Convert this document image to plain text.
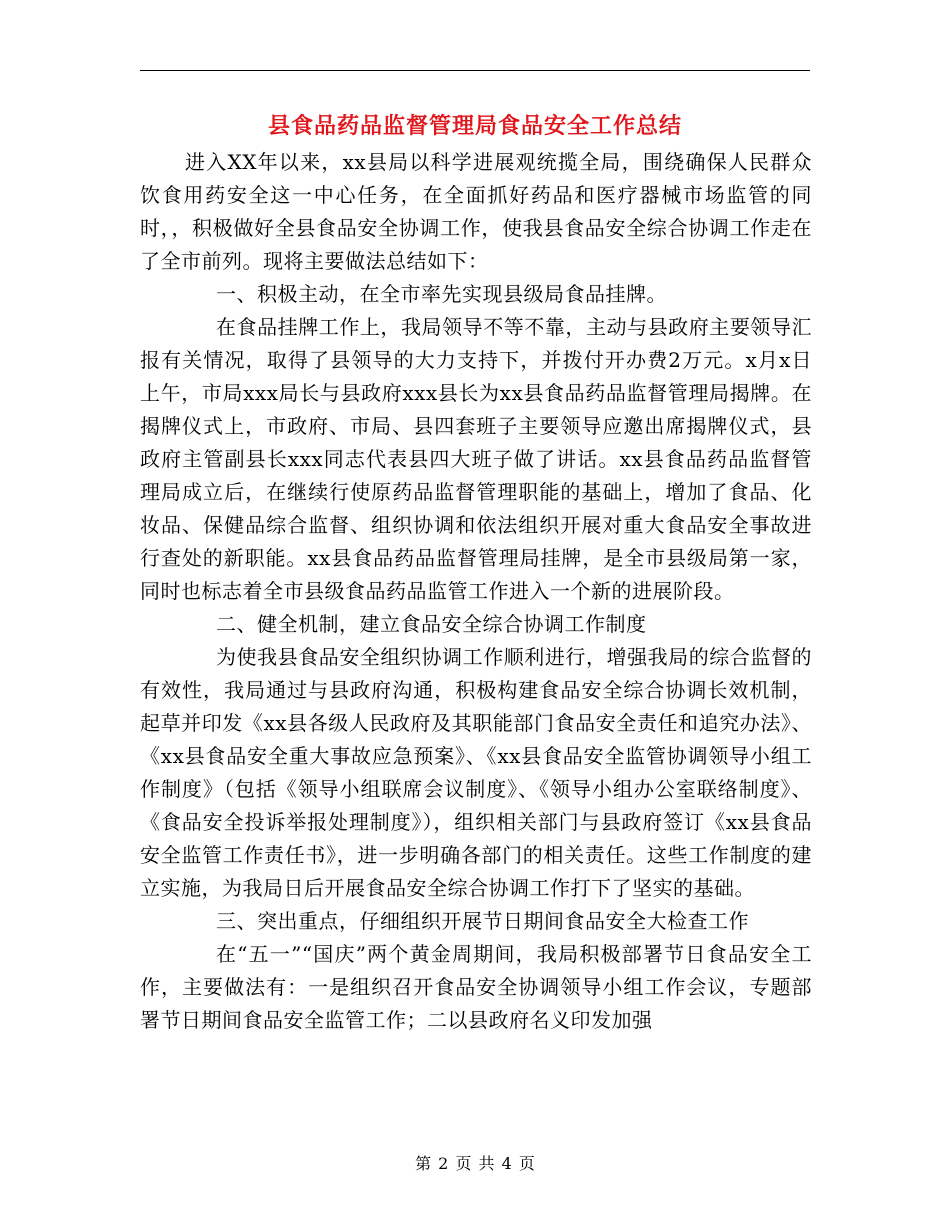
县食品药品监督管理局食品安全工作总结

进入XX年以来，xx县局以科学进展观统揽全局，围绕确保人民群众饮食用药安全这一中心任务，在全面抓好药品和医疗器械市场监管的同时，，积极做好全县食品安全协调工作，使我县食品安全综合协调工作走在了全市前列。现将主要做法总结如下：

一、积极主动，在全市率先实现县级局食品挂牌。

在食品挂牌工作上，我局领导不等不靠，主动与县政府主要领导汇报有关情况，取得了县领导的大力支持下，并拨付开办费2万元。x月x日上午，市局xxx局长与县政府xxx县长为xx县食品药品监督管理局揭牌。在揭牌仪式上，市政府、市局、县四套班子主要领导应邀出席揭牌仪式，县政府主管副县长xxx同志代表县四大班子做了讲话。xx县食品药品监督管理局成立后，在继续行使原药品监督管理职能的基础上，增加了食品、化妆品、保健品综合监督、组织协调和依法组织开展对重大食品安全事故进行查处的新职能。xx县食品药品监督管理局挂牌，是全市县级局第一家，同时也标志着全市县级食品药品监管工作进入一个新的进展阶段。

二、健全机制，建立食品安全综合协调工作制度

为使我县食品安全组织协调工作顺利进行，增强我局的综合监督的有效性，我局通过与县政府沟通，积极构建食品安全综合协调长效机制，起草并印发《xx县各级人民政府及其职能部门食品安全责任和追究办法》、《xx县食品安全重大事故应急预案》、《xx县食品安全监管协调领导小组工作制度》（包括《领导小组联席会议制度》、《领导小组办公室联络制度》、《食品安全投诉举报处理制度》），组织相关部门与县政府签订《xx县食品安全监管工作责任书》，进一步明确各部门的相关责任。这些工作制度的建立实施，为我局日后开展食品安全综合协调工作打下了坚实的基础。

三、突出重点，仔细组织开展节日期间食品安全大检查工作

在“五一”“国庆”两个黄金周期间，我局积极部署节日食品安全工作，主要做法有：一是组织召开食品安全协调领导小组工作会议，专题部署节日期间食品安全监管工作；二以县政府名义印发加强

第 2 页 共 4 页
